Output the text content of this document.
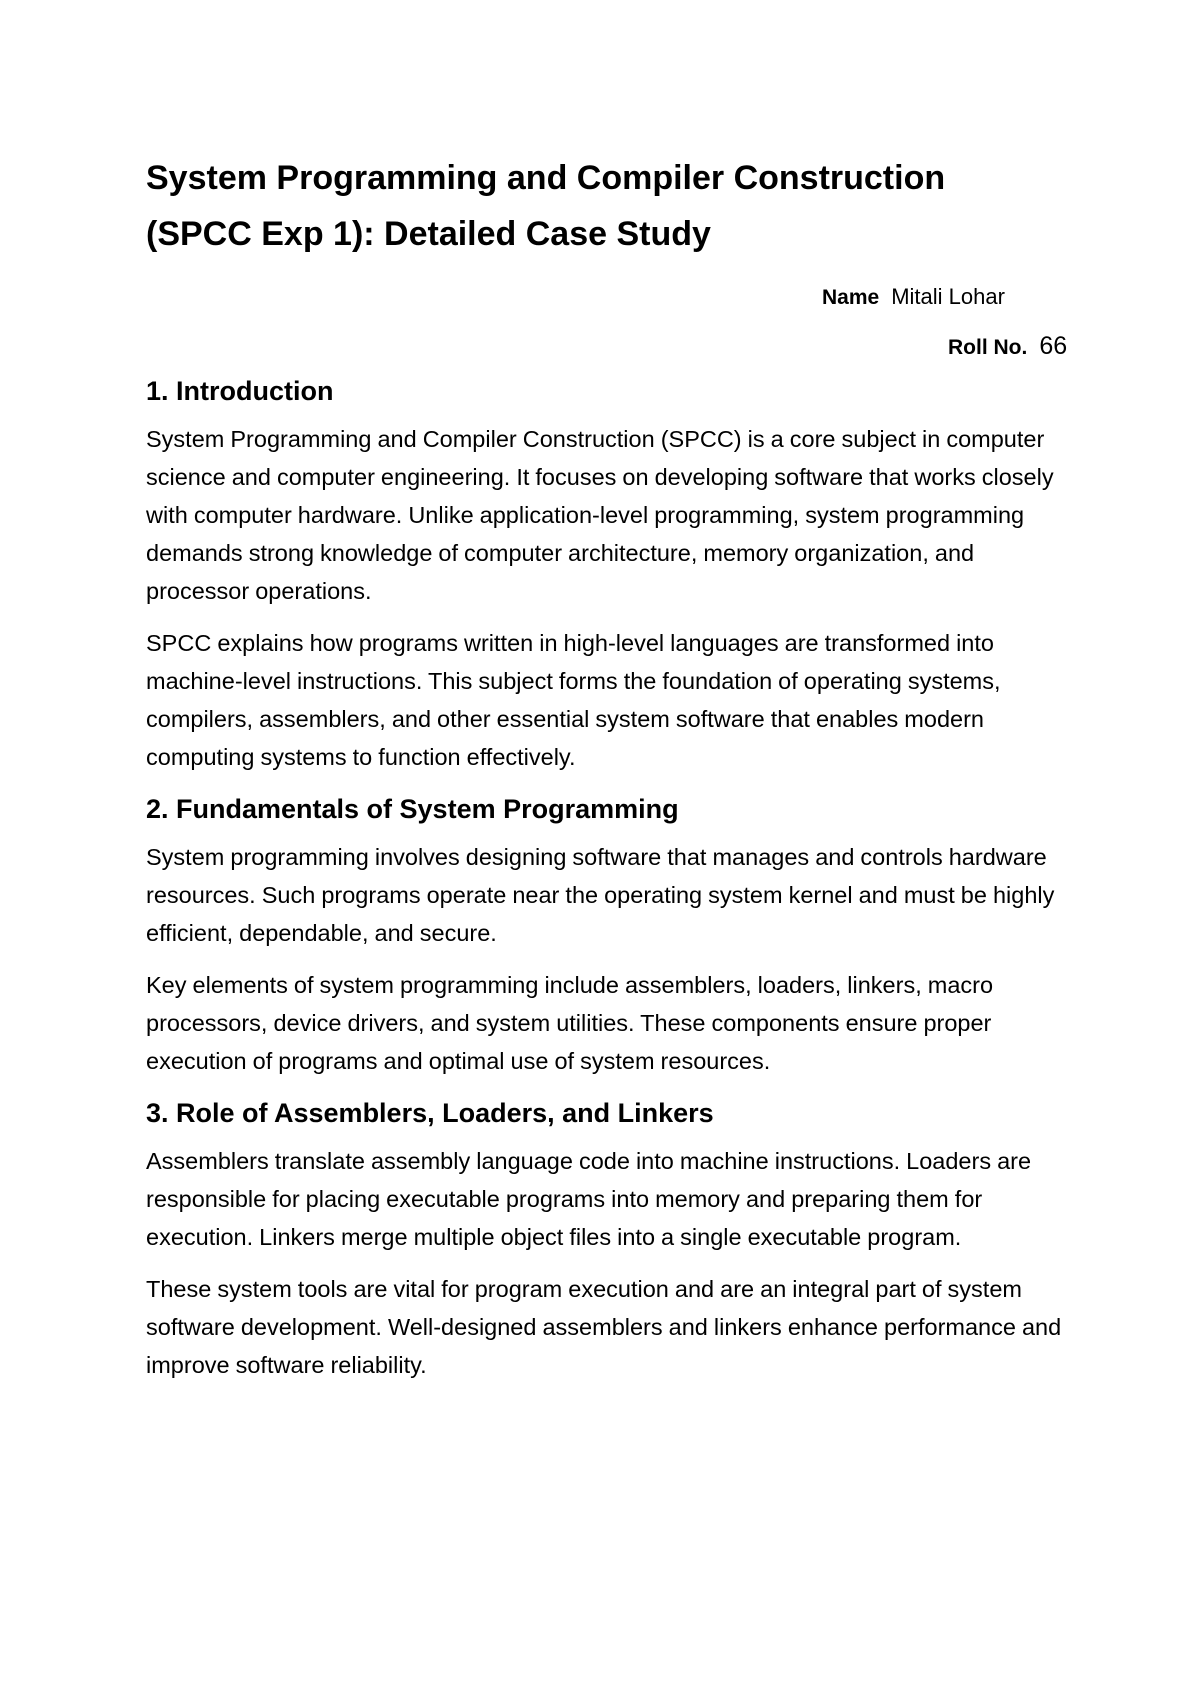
System Programming and Compiler Construction
(SPCC Exp 1): Detailed Case Study
Name Mitali Lohar
Roll No. 66
1. Introduction

System Programming and Compiler Construction (SPCC) is a core subject in computer science and computer engineering. It focuses on developing software that works closely with computer hardware. Unlike application-level programming, system programming demands strong knowledge of computer architecture, memory organization, and processor operations.

SPCC explains how programs written in high-level languages are transformed into machine-level instructions. This subject forms the foundation of operating systems, compilers, assemblers, and other essential system software that enables modern computing systems to function effectively.

2. Fundamentals of System Programming

System programming involves designing software that manages and controls hardware resources. Such programs operate near the operating system kernel and must be highly efficient, dependable, and secure.

Key elements of system programming include assemblers, loaders, linkers, macro processors, device drivers, and system utilities. These components ensure proper execution of programs and optimal use of system resources.

3. Role of Assemblers, Loaders, and Linkers

Assemblers translate assembly language code into machine instructions. Loaders are responsible for placing executable programs into memory and preparing them for execution. Linkers merge multiple object files into a single executable program.

These system tools are vital for program execution and are an integral part of system software development. Well-designed assemblers and linkers enhance performance and improve software reliability.
